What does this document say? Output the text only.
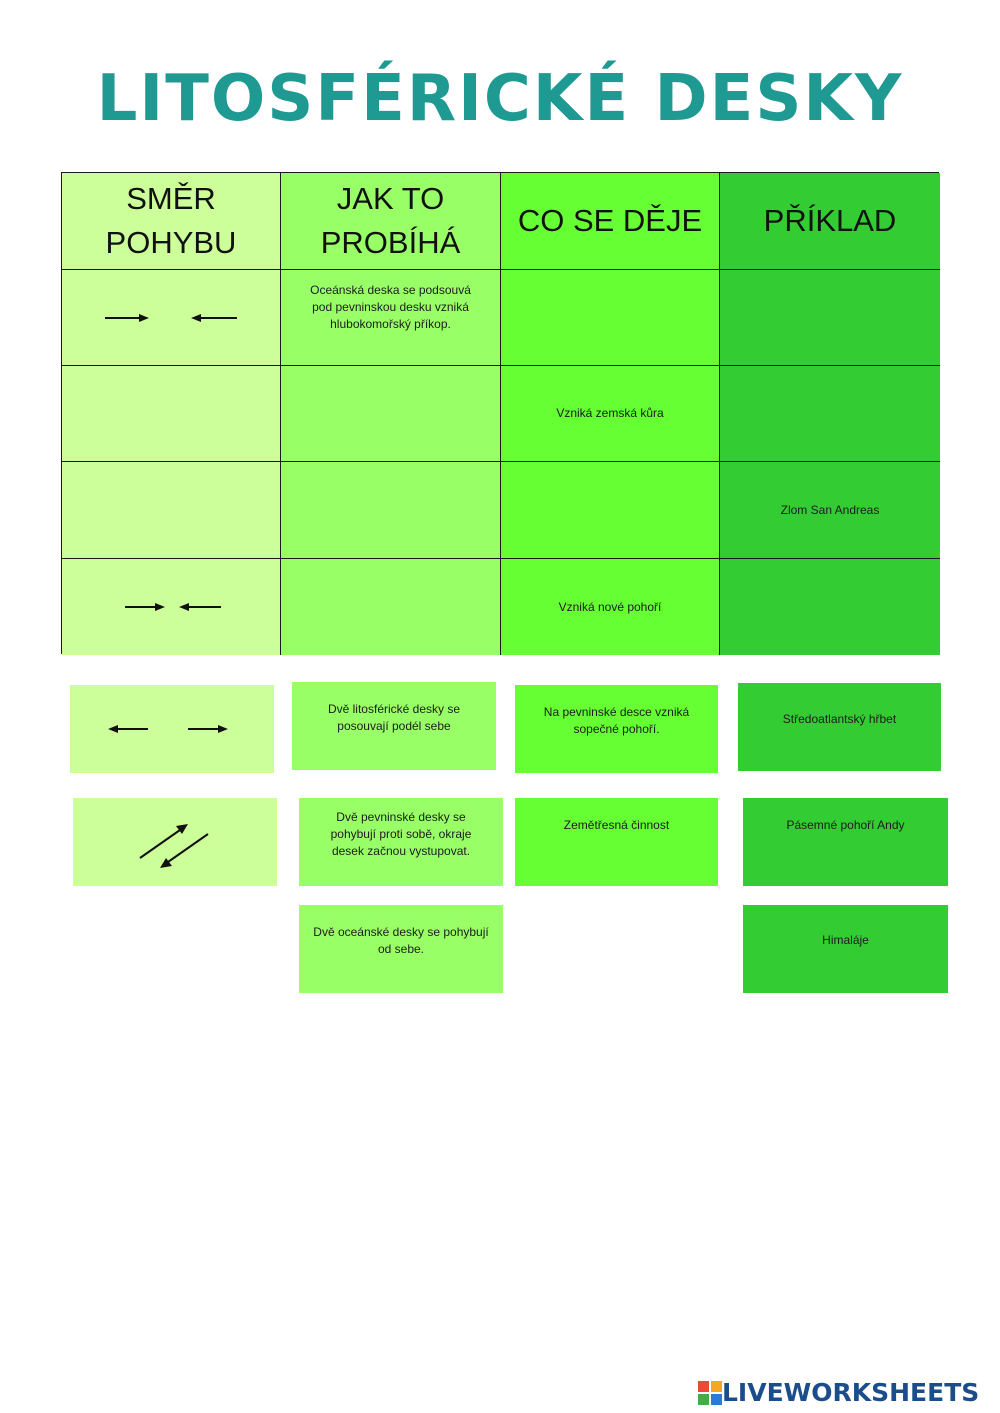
LITOSFÉRICKÉ DESKY
SMĚR POHYBU
JAK TO PROBÍHÁ
CO SE DĚJE	PŘÍKLAD
Oceánská deska se podsouvá pod pevninskou desku vzniká hlubokomořský příkop.
Vzniká zemská kůra
Zlom San Andreas
Vzniká nové pohoří
Dvě litosférické desky se posouvají podél sebe
Dvě pevninské desky se pohybují proti sobě, okraje desek začnou vystupovat.
Dvě oceánské desky se pohybují od sebe.
Na pevninské desce vzniká sopečné pohoří.
Zemětřesná činnost
Středoatlantský hřbet
Pásemné pohoří Andy
Himaláje
LIVEWORKSHEETS
